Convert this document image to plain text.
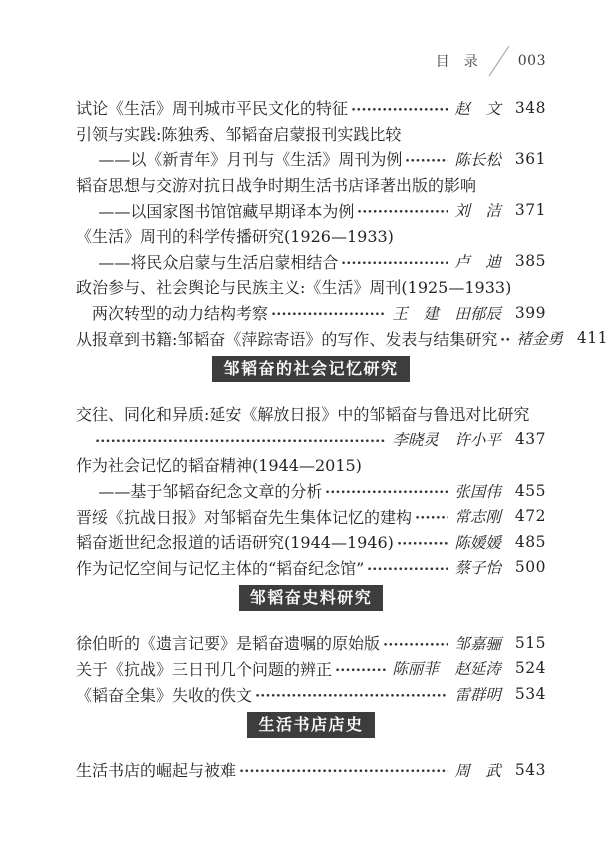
目　录	003
试论《生活》周刊城市平民文化的特征	赵　文 348
引领与实践:陈独秀、邹韬奋启蒙报刊实践比较
——以《新青年》月刊与《生活》周刊为例	陈长松 361
韬奋思想与交游对抗日战争时期生活书店译著出版的影响
——以国家图书馆馆藏早期译本为例	刘　洁 371
《生活》周刊的科学传播研究(1926—1933)
——将民众启蒙与生活启蒙相结合	卢　迪 385
政治参与、社会舆论与民族主义:《生活》周刊(1925—1933)
两次转型的动力结构考察	王　建　田郁辰 399
从报章到书籍:邹韬奋《萍踪寄语》的写作、发表与结集研究 褚金勇 411
邹韬奋的社会记忆研究
交往、同化和异质:延安《解放日报》中的邹韬奋与鲁迅对比研究
李晓灵　许小平 437
作为社会记忆的韬奋精神(1944—2015)
——基于邹韬奋纪念文章的分析	张国伟 455
晋绥《抗战日报》对邹韬奋先生集体记忆的建构	常志刚 472
韬奋逝世纪念报道的话语研究(1944—1946)	陈媛媛 485
作为记忆空间与记忆主体的“韬奋纪念馆”	蔡子怡 500
邹韬奋史料研究
徐伯昕的《遗言记要》是韬奋遗嘱的原始版	邹嘉骊 515
关于《抗战》三日刊几个问题的辨正	陈丽菲　赵延涛 524
《韬奋全集》失收的佚文	雷群明 534
生活书店店史
生活书店的崛起与被难	周　武 543
